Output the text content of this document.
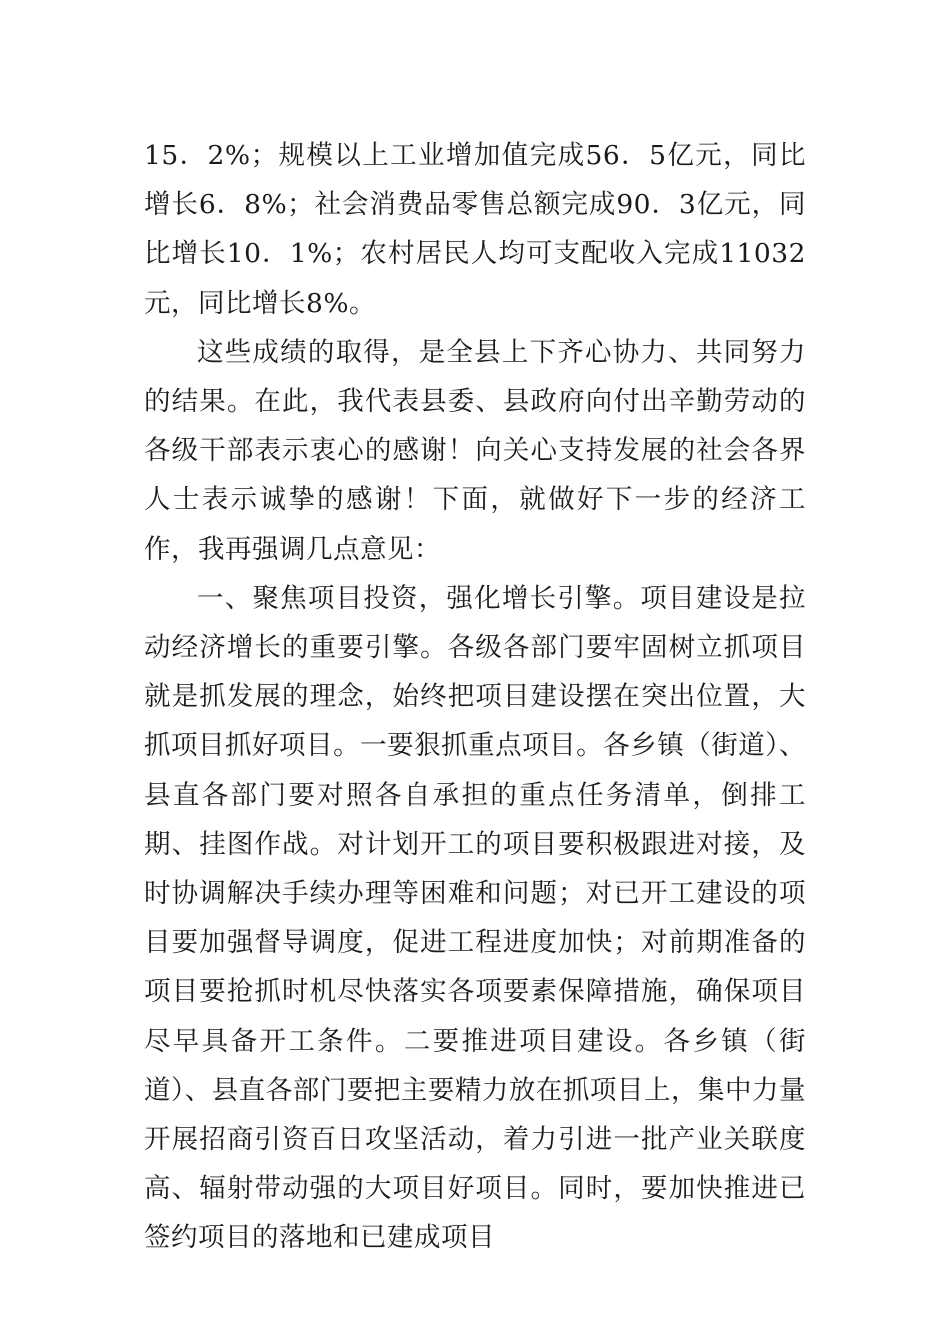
15．2%；规模以上工业增加值完成56．5亿元，同比增长6．8%；社会消费品零售总额完成90．3亿元，同比增长10．1%；农村居民人均可支配收入完成11032元，同比增长8%。

这些成绩的取得，是全县上下齐心协力、共同努力的结果。在此，我代表县委、县政府向付出辛勤劳动的各级干部表示衷心的感谢！向关心支持发展的社会各界人士表示诚挚的感谢！下面，就做好下一步的经济工作，我再强调几点意见：

一、聚焦项目投资，强化增长引擎。项目建设是拉动经济增长的重要引擎。各级各部门要牢固树立抓项目就是抓发展的理念，始终把项目建设摆在突出位置，大抓项目抓好项目。一要狠抓重点项目。各乡镇（街道）、县直各部门要对照各自承担的重点任务清单，倒排工期、挂图作战。对计划开工的项目要积极跟进对接，及时协调解决手续办理等困难和问题；对已开工建设的项目要加强督导调度，促进工程进度加快；对前期准备的项目要抢抓时机尽快落实各项要素保障措施，确保项目尽早具备开工条件。二要推进项目建设。各乡镇（街道）、县直各部门要把主要精力放在抓项目上，集中力量开展招商引资百日攻坚活动，着力引进一批产业关联度高、辐射带动强的大项目好项目。同时，要加快推进已签约项目的落地和已建成项目
